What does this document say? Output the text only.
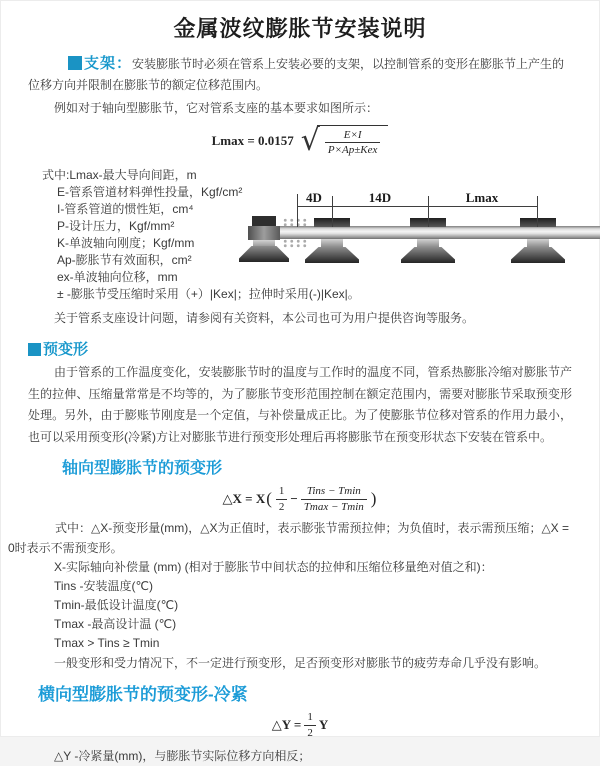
金属波纹膨胀节安装说明

支架：安装膨胀节时必须在管系上安装必要的支架，以控制管系的变形在膨胀节上产生的位移方向并限制在膨胀节的额定位移范围内。

例如对于轴向型膨胀节，它对管系支座的基本要求如图所示：

Lmax = 0.0157 √ $\frac{E\times I}{\text{P×Ap±Kex}}$
式中:Lmax-最大导向间距，m
E-管系管道材料弹性投量，Kgf/cm²
I-管系管道的惯性矩，cm⁴
P-设计压力，Kgf/mm²
K-单波轴向刚度；Kgf/mm
Ap-膨胀节有效面积，cm²
ex-单波轴向位移，mm
± -膨胀节受压缩时采用（+）|Kex|；拉伸时采用(-)|Kex|。
4D	14D	Lmax

关于管系支座设计问题，请参阅有关资料，本公司也可为用户提供咨询等服务。

预变形

由于管系的工作温度变化，安装膨胀节时的温度与工作时的温度不同，管系热膨胀冷缩对膨胀节产生的拉伸、压缩量常常是不均等的，为了膨胀节变形范围控制在额定范围内，需要对膨胀节采取预变形处理。另外，由于膨账节刚度是一个定值，与补偿量成正比。为了使膨胀节位移对管系的作用力最小，也可以采用预变形(冷紧)方让对膨胀节进行预变形处理后再将膨胀节在预变形状态下安装在管系中。

轴向型膨胀节的预变形
△X = X ( $\frac{1}{2} - \frac{\text{Tins − Tmin}}{Tmax - Tmin}$ )

式中：△X-预变形量(mm)，△X为正值时，表示膨张节需预拉伸；为负值时，表示需预压缩；△X = 0时表示不需预变形。

X-实际轴向补偿量 (mm) (相对于膨胀节中间状态的拉伸和压缩位移量绝对值之和)：
Tins -安装温度(℃)
Tmin-最低设计温度(℃)
Tmax -最高设计温 (℃)
Tmax > Tins ≥ Tmin

一般变形和受力情况下，不一定进行预变形，足否预变形对膨胀节的疲劳寿命几乎没有影响。

横向型膨胀节的预变形-冷紧
△Y = $\frac{1}{2}$ Y

△Y -冷紧量(mm)，与膨胀节实际位移方向相反；
